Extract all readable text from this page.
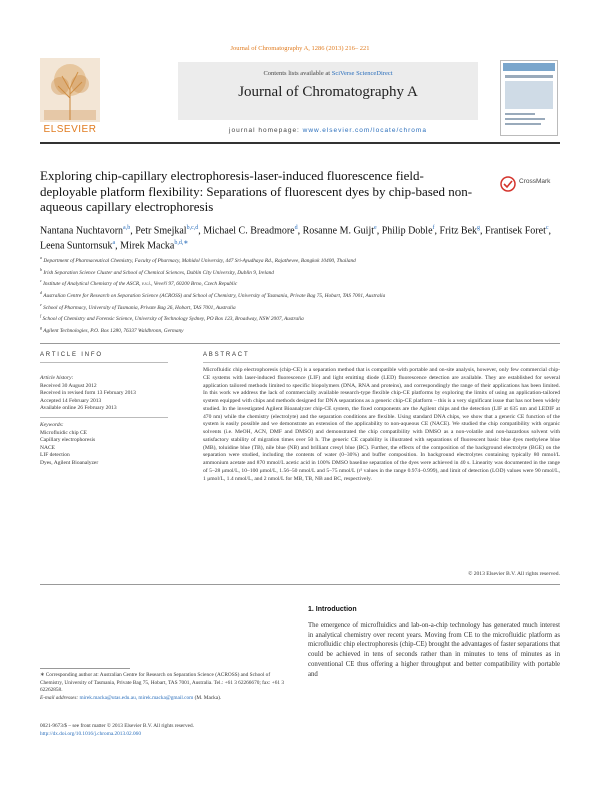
Journal of Chromatography A, 1286 (2013) 216– 221
ELSEVIER
Contents lists available at SciVerse ScienceDirect
Journal of Chromatography A
journal homepage: www.elsevier.com/locate/chroma
Exploring chip-capillary electrophoresis-laser-induced fluorescence field-deployable platform flexibility: Separations of fluorescent dyes by chip-based non-aqueous capillary electrophoresis
CrossMark
Nantana Nuchtavorn$^{a,b}$, Petr Smejkal$^{b,c,d}$, Michael C. Breadmore$^d$, Rosanne M. Guijt$^e$, Philip Doble$^f$, Fritz Bek$^g$, Frantisek Foret$^c$, Leena Suntornsuk$^a$, Mirek Macka$^{b,d,∗}$
$^a$ Department of Pharmaceutical Chemistry, Faculty of Pharmacy, Mahidol University, 447 Sri-Ayudhaya Rd., Rajathevee, Bangkok 10400, Thailand
$^b$ Irish Separation Science Cluster and School of Chemical Sciences, Dublin City University, Dublin 9, Ireland
$^c$ Institute of Analytical Chemistry of the ASCR, v.v.i., Veveří 97, 60200 Brno, Czech Republic
$^d$ Australian Centre for Research on Separation Science (ACROSS) and School of Chemistry, University of Tasmania, Private Bag 75, Hobart, TAS 7001, Australia
$^e$ School of Pharmacy, University of Tasmania, Private Bag 26, Hobart, TAS 7001, Australia
$^f$ School of Chemistry and Forensic Science, University of Technology Sydney, PO Box 123, Broadway, NSW 2007, Australia
$^g$ Agilent Technologies, P.O. Box 1280, 76337 Waldbronn, Germany
ARTICLE INFO
Article history:
Received 30 August 2012
Received in revised form 13 February 2013
Accepted 14 February 2013
Available online 26 February 2013
Keywords:
Microfluidic chip CE
Capillary electrophoresis
NACE
LIF detection
Dyes, Agilent Bioanalyzer
ABSTRACT
Microfluidic chip electrophoresis (chip-CE) is a separation method that is compatible with portable and on-site analysis, however, only few commercial chip-CE systems with laser-induced fluorescence (LIF) and light emitting diode (LED) fluorescence detection are available. They are established for several application tailored methods limited to specific biopolymers (DNA, RNA and proteins), and correspondingly the range of their applications has been limited. In this work we address the lack of commercially available research-type flexible chip-CE platforms by exploring the limits of using an application-tailored system equipped with chips and methods designed for DNA separations as a generic chip-CE platform – this is a very significant issue that has not been widely studied. In the investigated Agilent Bioanalyzer chip-CE system, the fixed components are the Agilent chips and the detection (LIF at 635 nm and LEDIF at 470 nm) while the chemistry (electrolyte) and the separation conditions are flexible. Using standard DNA chips, we show that a generic CE function of the system is easily possible and we demonstrate an extension of the applicability to non-aqueous CE (NACE). We studied the chip compatibility with organic solvents (i.e. MeOH, ACN, DMF and DMSO) and demonstrated the chip compatibility with DMSO as a non-volatile and non-hazardous solvent with satisfactory stability of migration times over 50 h. The generic CE capability is illustrated with separations of fluorescent basic blue dyes methylene blue (MB), toluidine blue (TB), nile blue (NB) and brilliant cresyl blue (BC). Further, the effects of the composition of the background electrolyte (BGE) on the separation were studied, including the contents of water (0–30%) and buffer composition. In background electrolytes containing typically 80 mmol/L ammonium acetate and 870 mmol/L acetic acid in 100% DMSO baseline separation of the dyes were achieved in 40 s. Linearity was documented in the range of 5–28 μmol/L, 10–100 μmol/L, 1.56–50 nmol/L and 5–75 nmol/L (r² values in the range 0.974–0.999), and limit of detection (LOD) values were 90 nmol/L, 1 μmol/L, 1.4 nmol/L, and 2 nmol/L for MB, TB, NB and BC, respectively.
© 2013 Elsevier B.V. All rights reserved.
1. Introduction
The emergence of microfluidics and lab-on-a-chip technology has generated much interest in analytical chemistry over recent years. Moving from CE to the microfluidic platform as microfluidic chip electrophoresis (chip-CE) brought the advantages of faster separations that could be achieved in tens of seconds rather than in minutes to tens of minutes as in conventional CE thus offering a higher throughput and better compatibility with portable and
∗ Corresponding author at: Australian Centre for Research on Separation Science (ACROSS) and School of Chemistry, University of Tasmania, Private Bag 75, Hobart, TAS 7001, Australia. Tel.: +61 3 62266670; fax: +61 3 62262858.
E-mail addresses: mirek.macka@utas.edu.au, mirek.macka@gmail.com (M. Macka).
0021-9673/$ – see front matter © 2013 Elsevier B.V. All rights reserved.
http://dx.doi.org/10.1016/j.chroma.2013.02.060
